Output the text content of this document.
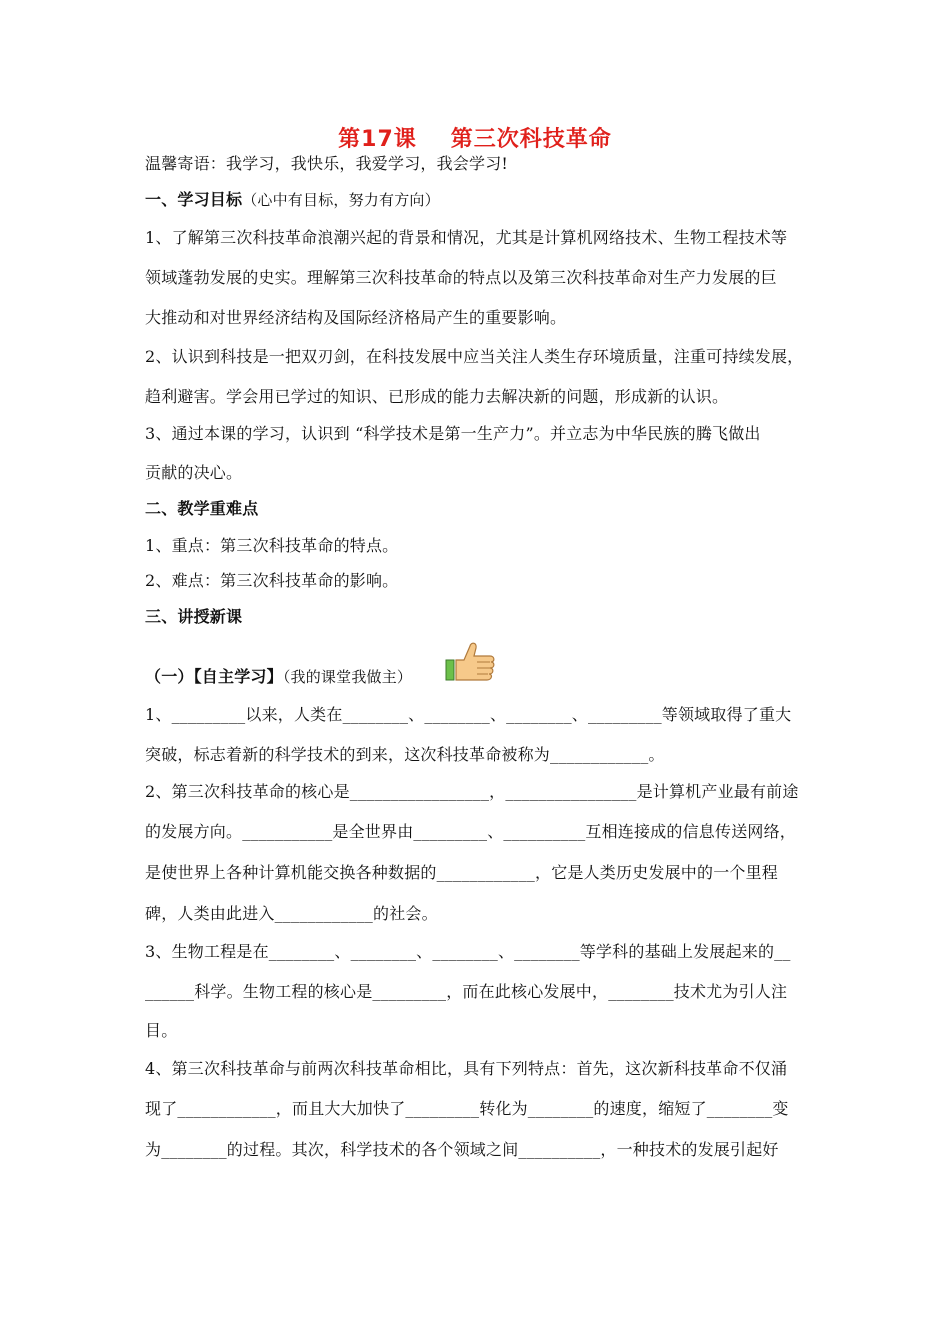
第17课 第三次科技革命
温馨寄语：我学习，我快乐，我爱学习，我会学习!
一、学习目标（心中有目标，努力有方向）
1、了解第三次科技革命浪潮兴起的背景和情况，尤其是计算机网络技术、生物工程技术等
领域蓬勃发展的史实。理解第三次科技革命的特点以及第三次科技革命对生产力发展的巨
大推动和对世界经济结构及国际经济格局产生的重要影响。
2、认识到科技是一把双刃剑，在科技发展中应当关注人类生存环境质量，注重可持续发展，
趋利避害。学会用已学过的知识、已形成的能力去解决新的问题，形成新的认识。
3、通过本课的学习，认识到 “科学技术是第一生产力”。并立志为中华民族的腾飞做出
贡献的决心。
二、教学重难点
1、重点：第三次科技革命的特点。
2、难点：第三次科技革命的影响。
三、讲授新课
（一）【自主学习】（我的课堂我做主）
1、_________以来，人类在________、________、________、_________等领域取得了重大
突破，标志着新的科学技术的到来，这次科技革命被称为____________。
2、第三次科技革命的核心是_________________，________________是计算机产业最有前途
的发展方向。___________是全世界由_________、__________互相连接成的信息传送网络，
是使世界上各种计算机能交换各种数据的____________，它是人类历史发展中的一个里程
碑，人类由此进入____________的社会。
3、生物工程是在________、________、________、________等学科的基础上发展起来的__
______科学。生物工程的核心是_________，而在此核心发展中，________技术尤为引人注
目。
4、第三次科技革命与前两次科技革命相比，具有下列特点：首先，这次新科技革命不仅涌
现了____________，而且大大加快了_________转化为________的速度，缩短了________变
为________的过程。其次，科学技术的各个领域之间__________，一种技术的发展引起好
